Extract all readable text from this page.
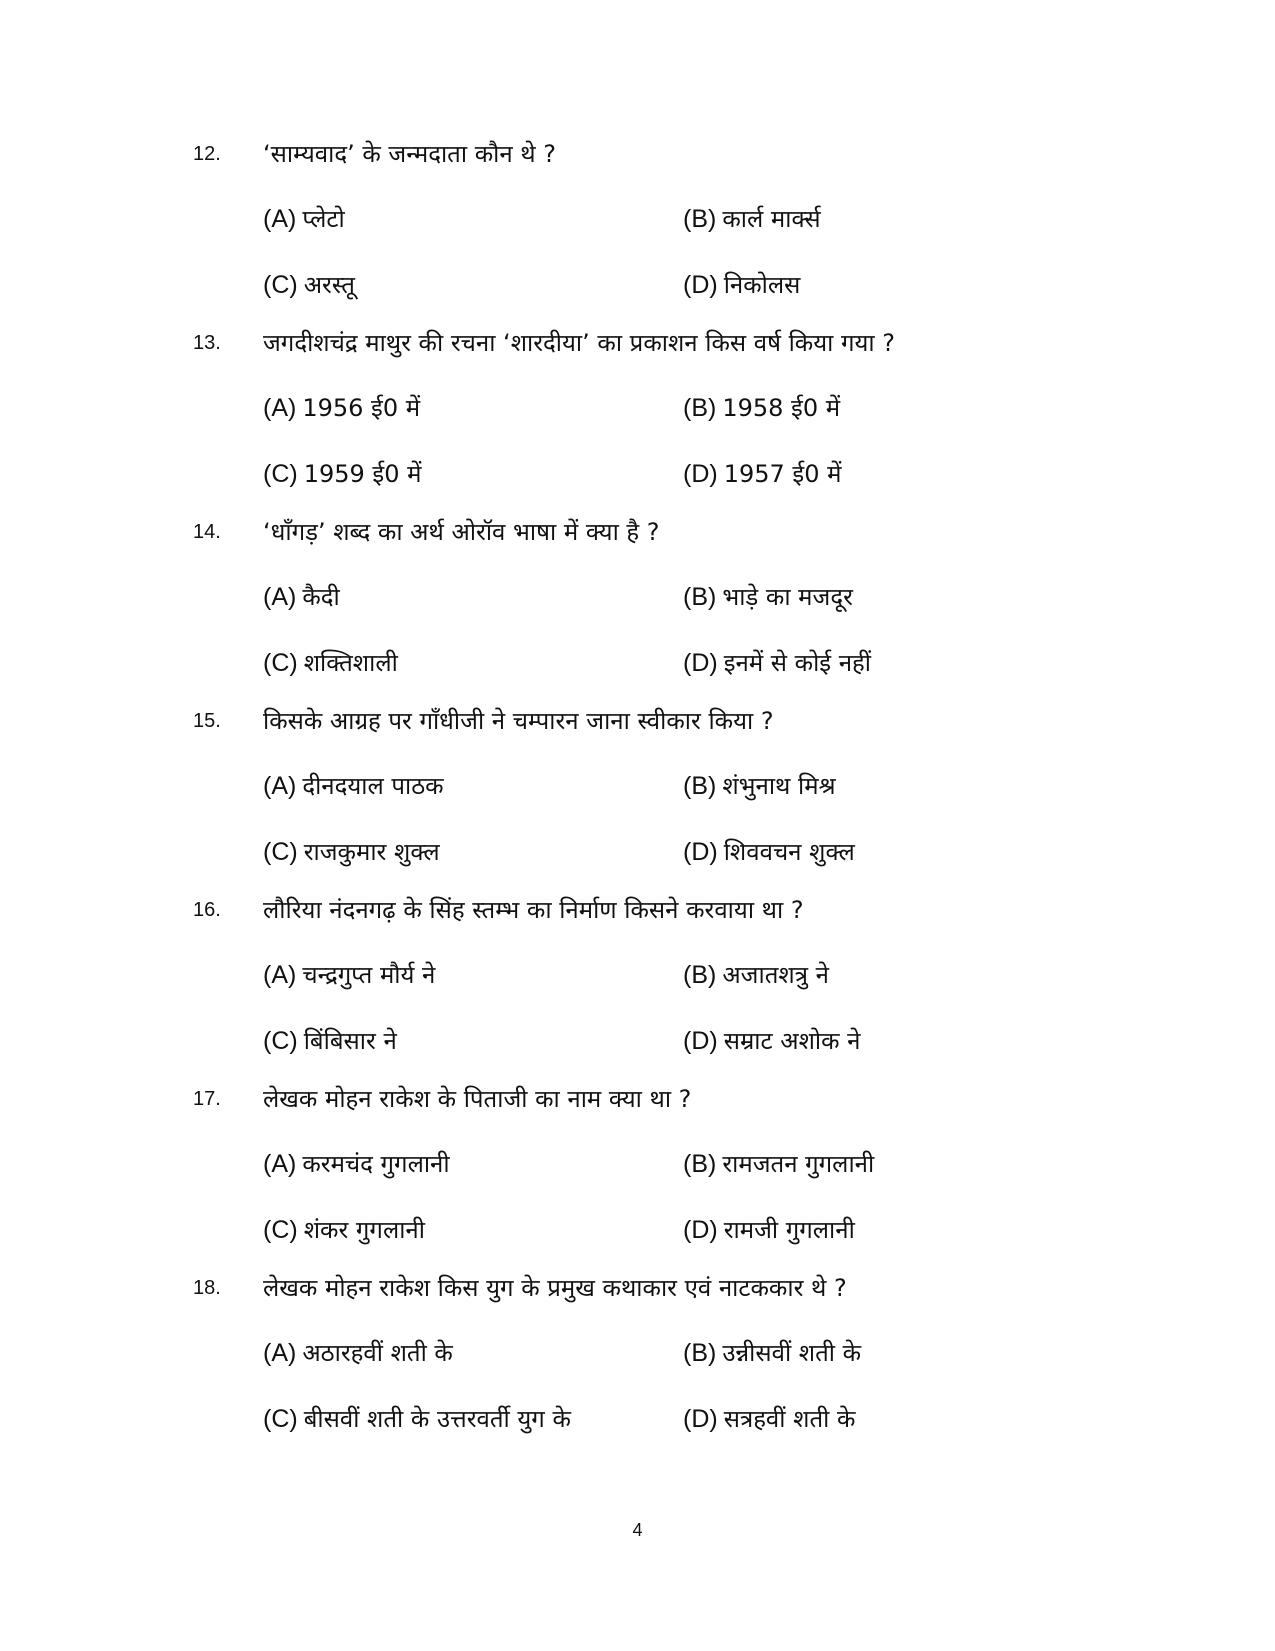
12. ‘साम्यवाद’ के जन्मदाता कौन थे ?
(A) प्लेटो	(B) कार्ल मार्क्स
(C) अरस्तू	(D) निकोलस
13. जगदीशचंद्र माथुर की रचना ‘शारदीया’ का प्रकाशन किस वर्ष किया गया ?
(A) 1956 ई0 में	(B) 1958 ई0 में
(C) 1959 ई0 में	(D) 1957 ई0 में
14. ‘धाँगड़’ शब्द का अर्थ ओरॉव भाषा में क्या है ?
(A) कैदी	(B) भाड़े का मजदूर
(C) शक्तिशाली	(D) इनमें से कोई नहीं
15. किसके आग्रह पर गाँधीजी ने चम्पारन जाना स्वीकार किया ?
(A) दीनदयाल पाठक	(B) शंभुनाथ मिश्र
(C) राजकुमार शुक्ल	(D) शिववचन शुक्ल
16. लौरिया नंदनगढ़ के सिंह स्तम्भ का निर्माण किसने करवाया था ?
(A) चन्द्रगुप्त मौर्य ने	(B) अजातशत्रु ने
(C) बिंबिसार ने	(D) सम्राट अशोक ने
17. लेखक मोहन राकेश के पिताजी का नाम क्या था ?
(A) करमचंद गुगलानी	(B) रामजतन गुगलानी
(C) शंकर गुगलानी	(D) रामजी गुगलानी
18. लेखक मोहन राकेश किस युग के प्रमुख कथाकार एवं नाटककार थे ?
(A) अठारहवीं शती के	(B) उन्नीसवीं शती के
(C) बीसवीं शती के उत्तरवर्ती युग के	(D) सत्रहवीं शती के
4
